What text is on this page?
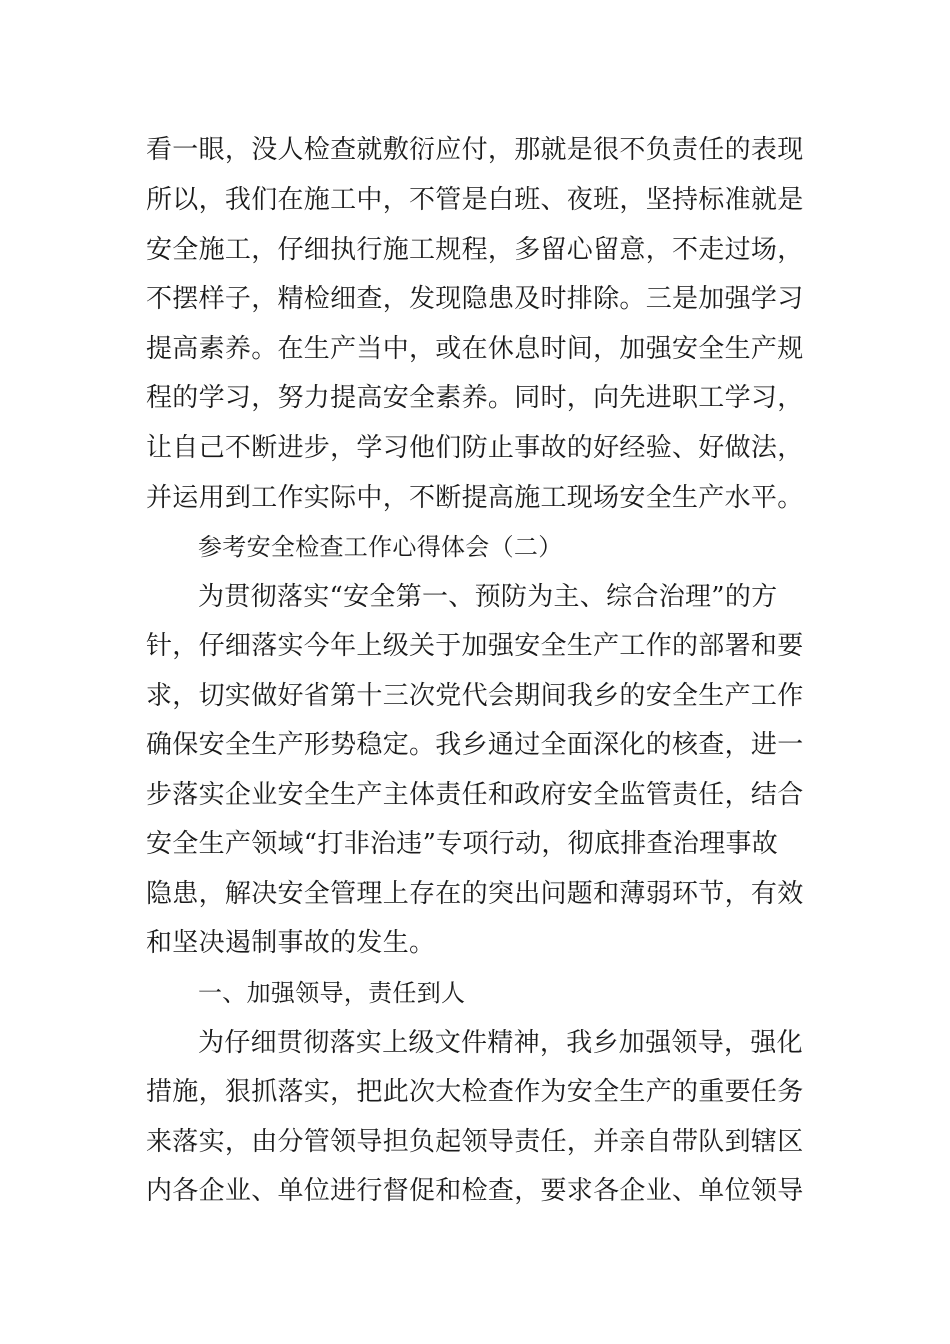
看一眼，没人检查就敷衍应付，那就是很不负责任的表现
所以，我们在施工中，不管是白班、夜班，坚持标准就是
安全施工，仔细执行施工规程，多留心留意，不走过场，
不摆样子，精检细查，发现隐患及时排除。三是加强学习
提高素养。在生产当中，或在休息时间，加强安全生产规
程的学习，努力提高安全素养。同时，向先进职工学习，
让自己不断进步，学习他们防止事故的好经验、好做法，
并运用到工作实际中，不断提高施工现场安全生产水平。
参考安全检查工作心得体会（二）
为贯彻落实“安全第一、预防为主、综合治理”的方
针，仔细落实今年上级关于加强安全生产工作的部署和要
求，切实做好省第十三次党代会期间我乡的安全生产工作
确保安全生产形势稳定。我乡通过全面深化的核查，进一
步落实企业安全生产主体责任和政府安全监管责任，结合
安全生产领域“打非治违”专项行动，彻底排查治理事故
隐患，解决安全管理上存在的突出问题和薄弱环节，有效
和坚决遏制事故的发生。
一、加强领导，责任到人
为仔细贯彻落实上级文件精神，我乡加强领导，强化
措施，狠抓落实，把此次大检查作为安全生产的重要任务
来落实，由分管领导担负起领导责任，并亲自带队到辖区
内各企业、单位进行督促和检查，要求各企业、单位领导
